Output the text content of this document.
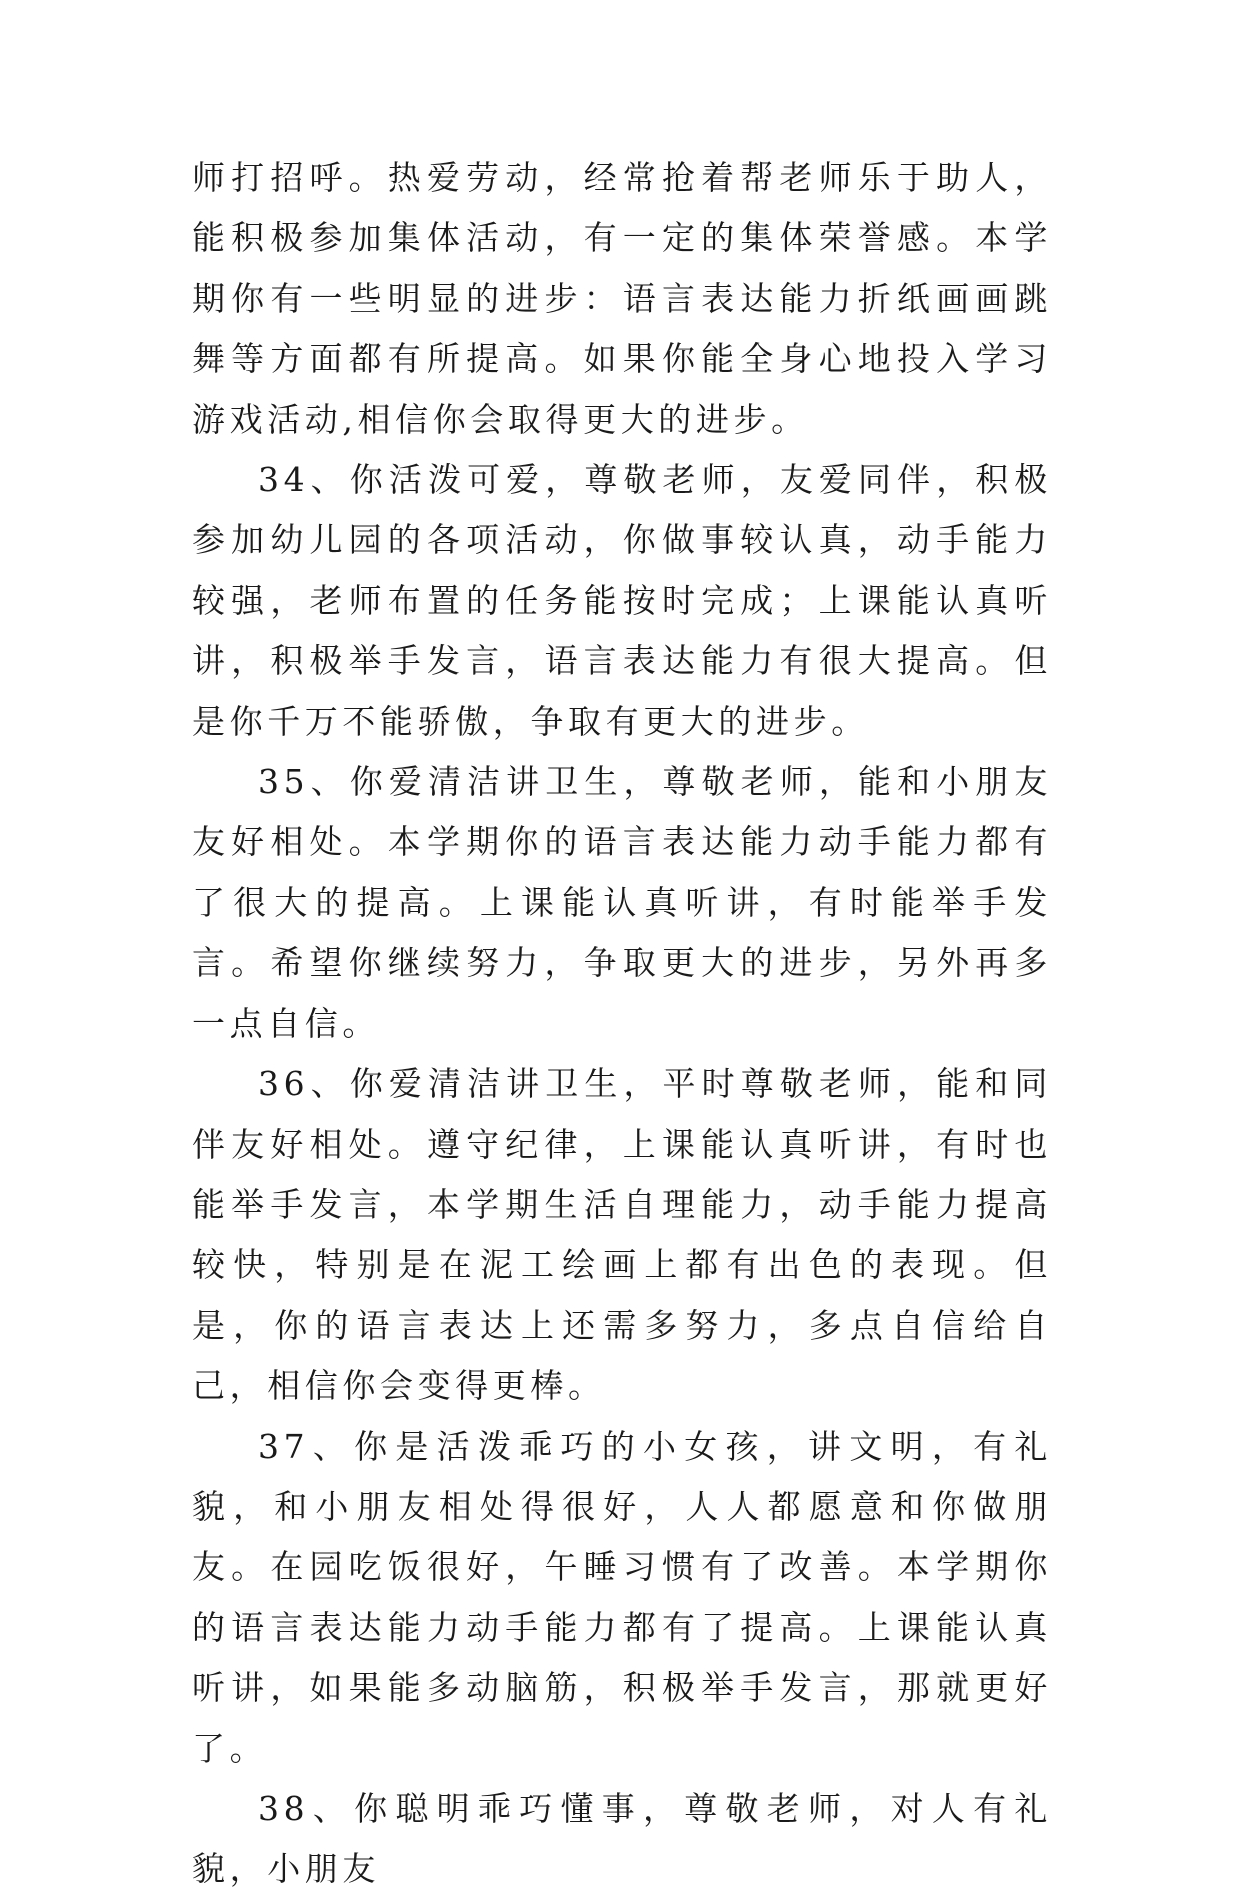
师打招呼。热爱劳动，经常抢着帮老师乐于助人，能积极参加集体活动，有一定的集体荣誉感。本学期你有一些明显的进步：语言表达能力折纸画画跳舞等方面都有所提高。如果你能全身心地投入学习游戏活动,相信你会取得更大的进步。

34、你活泼可爱，尊敬老师，友爱同伴，积极参加幼儿园的各项活动，你做事较认真，动手能力较强，老师布置的任务能按时完成；上课能认真听讲，积极举手发言，语言表达能力有很大提高。但是你千万不能骄傲，争取有更大的进步。

35、你爱清洁讲卫生，尊敬老师，能和小朋友友好相处。本学期你的语言表达能力动手能力都有了很大的提高。上课能认真听讲，有时能举手发言。希望你继续努力，争取更大的进步，另外再多一点自信。

36、你爱清洁讲卫生，平时尊敬老师，能和同伴友好相处。遵守纪律，上课能认真听讲，有时也能举手发言，本学期生活自理能力，动手能力提高较快，特别是在泥工绘画上都有出色的表现。但是，你的语言表达上还需多努力，多点自信给自己，相信你会变得更棒。

37、你是活泼乖巧的小女孩，讲文明，有礼貌，和小朋友相处得很好，人人都愿意和你做朋友。在园吃饭很好，午睡习惯有了改善。本学期你的语言表达能力动手能力都有了提高。上课能认真听讲，如果能多动脑筋，积极举手发言，那就更好了。

38、你聪明乖巧懂事，尊敬老师，对人有礼貌，小朋友
